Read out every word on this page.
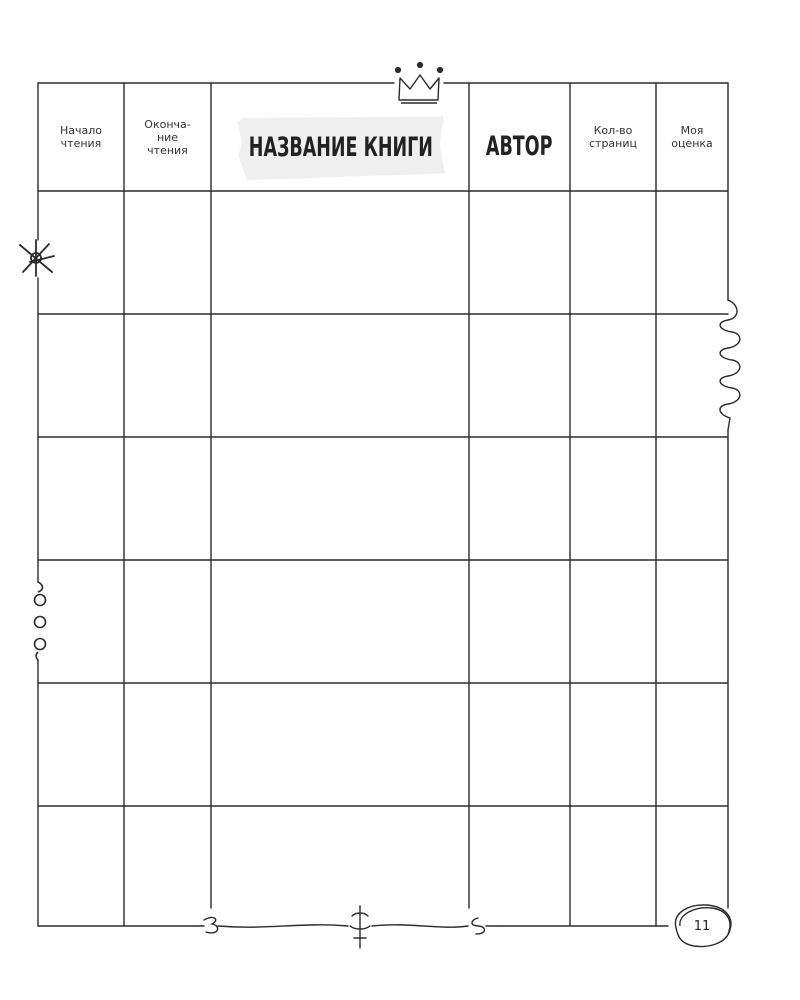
Начало
чтения
Оконча-
ние
чтения НАЗВАНИЕ КНИГИ АВТОР	Кол-во
страниц
Моя
оценка
11
